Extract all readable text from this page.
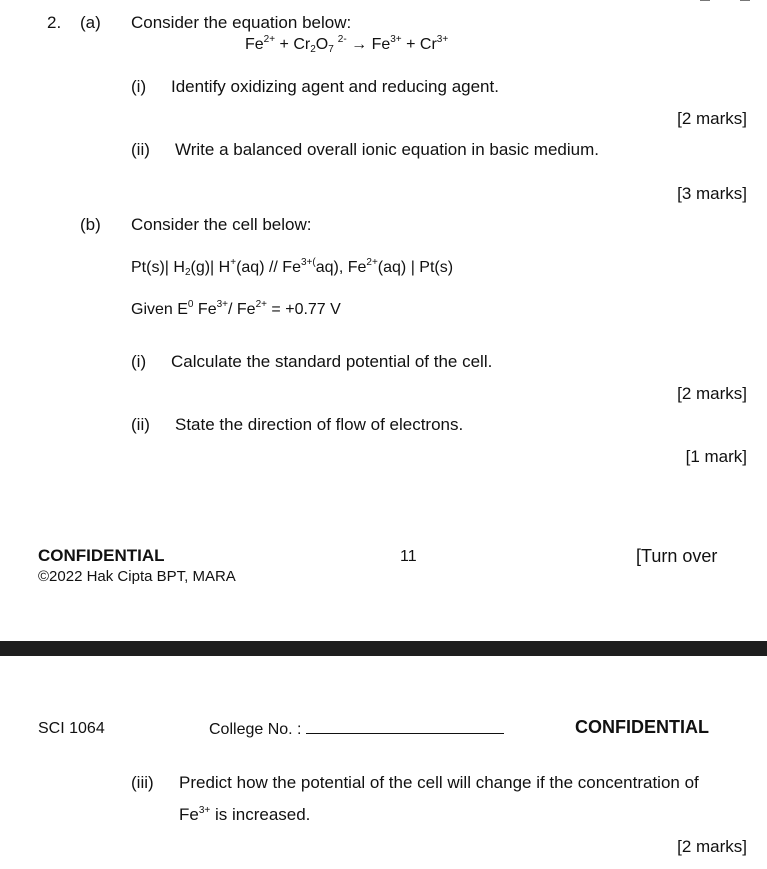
2. (a) Consider the equation below:
$Fe^{2+} + Cr_2O_7^{2-} \to Fe^{3+} + Cr^{3+}$
(i) Identify oxidizing agent and reducing agent.
[2 marks]
(ii) Write a balanced overall ionic equation in basic medium.
[3 marks]
(b) Consider the cell below:
Pt(s)| $H_2(g)|$ $H^+(aq) // Fe^{3+(}aq$), $Fe^{2+}(aq)$ | Pt(s)
Given $E^0$ $Fe^{3+}/$ $Fe^{2+} = +0.77$ V
(i) Calculate the standard potential of the cell.
[2 marks]
(ii) State the direction of flow of electrons.
[1 mark]
CONFIDENTIAL	11	[Turn over
©2022 Hak Cipta BPT, MARA
SCI 1064	College No. :	CONFIDENTIAL
(iii) Predict how the potential of the cell will change if the concentration of
$Fe^{3+}$ is increased.
[2 marks]
